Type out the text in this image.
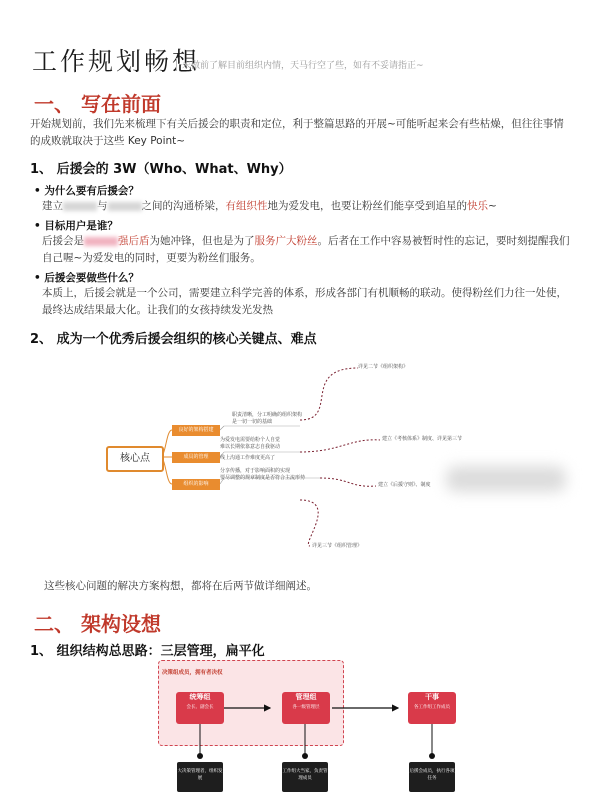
工作规划畅想
未做前了解目前组织内情，天马行空了些，如有不妥请指正~
一、 写在前面
开始规划前，我们先来梳理下有关后援会的职责和定位，利于整篇思路的开展~可能听起来会有些枯燥，但往往事情的成败就取决于这些 Key Point~
1、 后援会的 3W（Who、What、Why）
• 为什么要有后援会？
建立	与	之间的沟通桥梁，有组织性地为爱发电，也要让粉丝们能享受到追星的快乐~
• 目标用户是谁？
后援会是	强后盾为她冲锋，但也是为了服务广大粉丝。后者在工作中容易被暂时性的忘记，要时刻提醒我们自己喔~为爱发电的同时，更要为粉丝们服务。
• 后援会要做些什么？
本质上，后援会就是一个公司，需要建立科学完善的体系，形成各部门有机顺畅的联动。使得粉丝们力往一处使，最终达成结果最大化。让我们的女孩持续发光发热
2、 成为一个优秀后援会组织的核心关键点、难点
核心点
良好的架构搭建
成员的管理
组织的影响
职责清晰，分工明确的组织架构
是一切一切的基础
为爱发电需要给粉个人自觉
难以长期依靠意志自我驱动
线上沟通工作难度更高了
分享传播，对于影响面积的实现
要尽调整的规章制度是否符合主流形势
详见二节《组织架构》
建立《考核体系》制度、详见第三节
建立《后援守则》、制度
详见三节《组织管理》
这些核心问题的解决方案构想，都将在后两节做详细阐述。
二、 架构设想
1、 组织结构总思路：三层管理，扁平化
决策组成员，拥有者决权
统筹组
会长、副会长
管理组
各一级管理层
干事
各工作组工作成员
大决策管理者，组织发展
工作组大当家，负责管理成员
后援会成员，执行各项任务
